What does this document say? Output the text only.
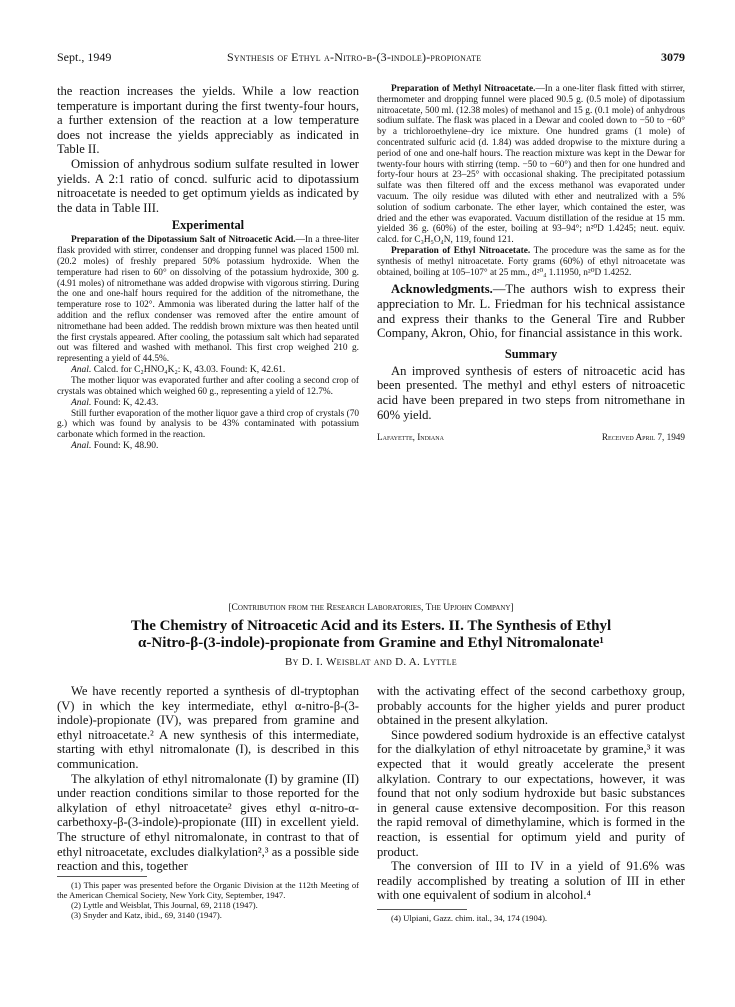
Sept., 1949	Synthesis of Ethyl α-Nitro-β-(3-indole)-propionate	3079

the reaction increases the yields. While a low reaction temperature is important during the first twenty-four hours, a further extension of the reaction at a low temperature does not increase the yields appreciably as indicated in Table II.

Omission of anhydrous sodium sulfate resulted in lower yields. A 2:1 ratio of concd. sulfuric acid to dipotassium nitroacetate is needed to get optimum yields as indicated by the data in Table III.

Experimental

Preparation of the Dipotassium Salt of Nitroacetic Acid.—In a three-liter flask provided with stirrer, condenser and dropping funnel was placed 1500 ml. (20.2 moles) of freshly prepared 50% potassium hydroxide. When the temperature had risen to 60° on dissolving of the potassium hydroxide, 300 g. (4.91 moles) of nitromethane was added dropwise with vigorous stirring. During the one and one-half hours required for the addition of the nitromethane, the temperature rose to 102°. Ammonia was liberated during the latter half of the addition and the reflux condenser was removed after the entire amount of nitromethane had been added. The reddish brown mixture was then heated until the first crystals appeared. After cooling, the potassium salt which had separated out was filtered and washed with methanol. This first crop weighed 210 g. representing a yield of 44.5%.

Anal. Calcd. for C₂HNO₄K₂: K, 43.03. Found: K, 42.61.

The mother liquor was evaporated further and after cooling a second crop of crystals was obtained which weighed 60 g., representing a yield of 12.7%.

Anal. Found: K, 42.43.

Still further evaporation of the mother liquor gave a third crop of crystals (70 g.) which was found by analysis to be 43% contaminated with potassium carbonate which formed in the reaction.

Anal. Found: K, 48.90.

Preparation of Methyl Nitroacetate.—In a one-liter flask fitted with stirrer, thermometer and dropping funnel were placed 90.5 g. (0.5 mole) of dipotassium nitroacetate, 500 ml. (12.38 moles) of methanol and 15 g. (0.1 mole) of anhydrous sodium sulfate. The flask was placed in a Dewar and cooled down to −50 to −60° by a trichloroethylene–dry ice mixture. One hundred grams (1 mole) of concentrated sulfuric acid (d. 1.84) was added dropwise to the mixture during a period of one and one-half hours. The reaction mixture was kept in the Dewar for twenty-four hours with stirring (temp. −50 to −60°) and then for one hundred and forty-four hours at 23–25° with occasional shaking. The precipitated potassium sulfate was then filtered off and the excess methanol was evaporated under vacuum. The oily residue was diluted with ether and neutralized with a 5% solution of sodium carbonate. The ether layer, which contained the ester, was dried and the ether was evaporated. Vacuum distillation of the residue at 15 mm. yielded 36 g. (60%) of the ester, boiling at 93–94°; n²⁰D 1.4245; neut. equiv. calcd. for C₃H₅O₄N, 119, found 121.

Preparation of Ethyl Nitroacetate. The procedure was the same as for the synthesis of methyl nitroacetate. Forty grams (60%) of ethyl nitroacetate was obtained, boiling at 105–107° at 25 mm., d²⁰₄ 1.11950, n²⁰D 1.4252.

Acknowledgments.—The authors wish to express their appreciation to Mr. L. Friedman for his technical assistance and express their thanks to the General Tire and Rubber Company, Akron, Ohio, for financial assistance in this work.

Summary

An improved synthesis of esters of nitroacetic acid has been presented. The methyl and ethyl esters of nitroacetic acid have been prepared in two steps from nitromethane in 60% yield.

Lafayette, Indiana	Received April 7, 1949
[Contribution from the Research Laboratories, The Upjohn Company]
The Chemistry of Nitroacetic Acid and its Esters. II. The Synthesis of Ethyl
α-Nitro-β-(3-indole)-propionate from Gramine and Ethyl Nitromalonate¹
By D. I. Weisblat and D. A. Lyttle

We have recently reported a synthesis of dl-tryptophan (V) in which the key intermediate, ethyl α-nitro-β-(3-indole)-propionate (IV), was prepared from gramine and ethyl nitroacetate.² A new synthesis of this intermediate, starting with ethyl nitromalonate (I), is described in this communication.

The alkylation of ethyl nitromalonate (I) by gramine (II) under reaction conditions similar to those reported for the alkylation of ethyl nitroacetate² gives ethyl α-nitro-α-carbethoxy-β-(3-indole)-propionate (III) in excellent yield. The structure of ethyl nitromalonate, in contrast to that of ethyl nitroacetate, excludes dialkylation²,³ as a possible side reaction and this, together

(1) This paper was presented before the Organic Division at the 112th Meeting of the American Chemical Society, New York City, September, 1947.

(2) Lyttle and Weisblat, This Journal, 69, 2118 (1947).

(3) Snyder and Katz, ibid., 69, 3140 (1947).

with the activating effect of the second carbethoxy group, probably accounts for the higher yields and purer product obtained in the present alkylation.

Since powdered sodium hydroxide is an effective catalyst for the dialkylation of ethyl nitroacetate by gramine,³ it was expected that it would greatly accelerate the present alkylation. Contrary to our expectations, however, it was found that not only sodium hydroxide but basic substances in general cause extensive decomposition. For this reason the rapid removal of dimethylamine, which is formed in the reaction, is essential for optimum yield and purity of product.

The conversion of III to IV in a yield of 91.6% was readily accomplished by treating a solution of III in ether with one equivalent of sodium in alcohol.⁴

(4) Ulpiani, Gazz. chim. ital., 34, 174 (1904).
